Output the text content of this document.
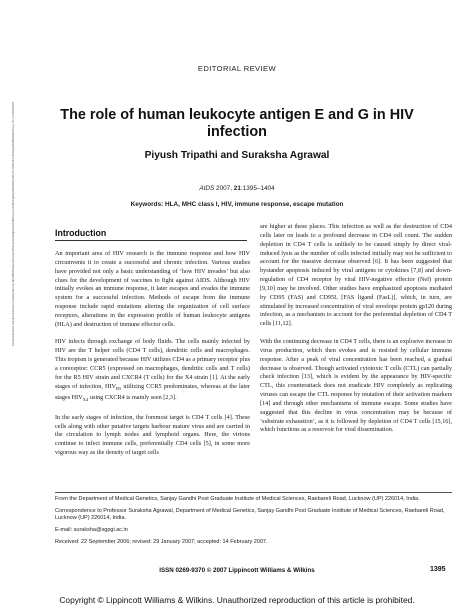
EDITORIAL REVIEW
The role of human leukocyte antigen E and G in HIV infection
Piyush Tripathi and Suraksha Agrawal
AIDS 2007, 21:1395–1404
Keywords: HLA, MHC class I, HIV, immune response, escape mutation
Downloaded from http://journals.lww.com/aidsonline by BhDMf5ePHKav1zEoum1tQfN4a+kJLhEZgbsIHo4XMi0hCywCX1AWnYQp/IlQrHD3i3D0OdRyi7TvSFl4Cf3VC4/OAVpDDa8KKGKV0Ymy+78= on 09/04/2023	Introduction

An important area of HIV research is the immune response and how HIV circumvents it to create a successful and chronic infection. Various studies have provided not only a basic understanding of ‘how HIV invades’ but also clues for the development of vaccines to fight against AIDS. Although HIV initially evokes an immune response, it later escapes and evades the immune system for a successful infection. Methods of escape from the immune response include rapid mutations altering the organization of cell surface receptors, alterations in the expression profile of human leukocyte antigens (HLA) and destruction of immune effector cells.

HIV infects through exchange of body fluids. The cells mainly infected by HIV are the T helper cells (CD4 T cells), dendritic cells and macrophages. This tropism is generated because HIV utilizes CD4 as a primary receptor plus a coreceptor: CCR5 (expressed on macrophages, dendritic cells and T cells) for the R5 HIV strain and CXCR4 (T cells) for the X4 strain [1]. At the early stages of infection, $HIV_{R5}$ utilizing CCR5 predominates, whereas at the later stages $HIV_{X4}$ using CXCR4 is mainly seen [2,3].

In the early stages of infection, the foremost target is CD4 T cells [4]. These cells along with other putative targets harbour mature virus and are carried in the circulation to lymph nodes and lymphoid organs. Here, the virions continue to infect immune cells, preferentially CD4 cells [5], in some more vigorous way as the density of target cells

are higher at these places. This infection as well as the destruction of CD4 cells later on leads to a profound decrease in CD4 cell count. The sudden depletion in CD4 T cells is unlikely to be caused simply by direct viral-induced lysis as the number of cells infected initially may not be sufficient to account for the massive decrease observed [6]. It has been suggested that bystander apoptosis induced by viral antigens or cytokines [7,8] and down-regulation of CD4 receptor by viral HIV-negative effector (Nef) protein [9,10] may be involved. Other studies have emphasized apoptosis mediated by CD95 (FAS) and CD95L [FAS ligand (FasL)], which, in turn, are stimulated by increased concentration of viral envelope protein gp120 during infection, as a mechanism to account for the preferential depletion of CD4 T cells [11,12].

With the continuing decrease in CD4 T cells, there is an explosive increase in virus production, which then evokes and is resisted by cellular immune response. After a peak of viral concentration has been reached, a gradual decrease is observed. Though activated cytotoxic T cells (CTL) can partially check infection [13], which is evident by the appearance by HIV-specific CTL, this counterattack does not eradicate HIV completely as replicating viruses can escape the CTL response by mutation of their activation markers [14] and through other mechanisms of immune escape. Some studies have suggested that this decline in virus concentration may be because of ‘substrate exhaustion’, as it is followed by depletion of CD4 T cells [15,16], which functions as a reservoir for viral dissemination.

From the Department of Medical Genetics, Sanjay Gandhi Post Graduate Institute of Medical Sciences, Raebareli Road, Lucknow (UP) 226014, India.

Correspondence to Professor Suraksha Agrawal, Department of Medical Genetics, Sanjay Gandhi Post Graduate Institute of Medical Sciences, Raebareli Road, Lucknow (UP) 226014, India.

E-mail: suraksha@sgpgi.ac.in

Received: 22 September 2006; revised: 29 January 2007; accepted: 14 February 2007.

ISSN 0269-9370 © 2007 Lippincott Williams & Wilkins	1395
Copyright © Lippincott Williams & Wilkins. Unauthorized reproduction of this article is prohibited.
